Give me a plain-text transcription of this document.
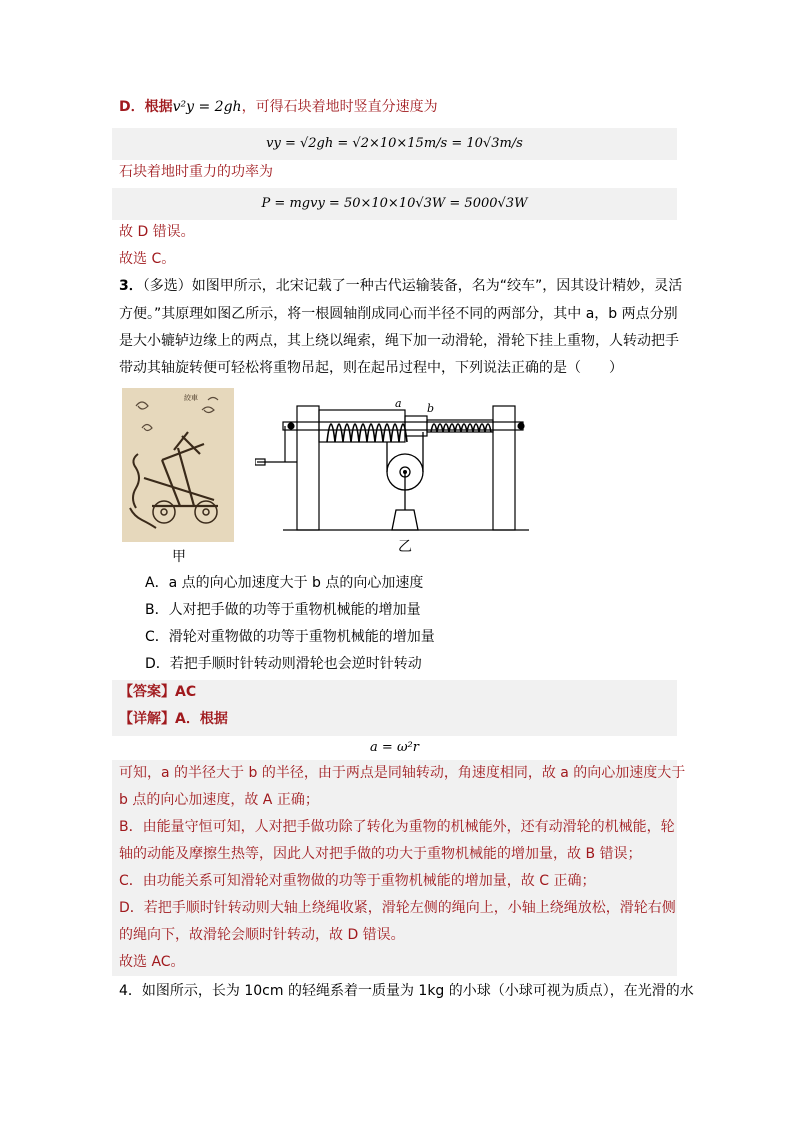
D．根据v²y = 2gh，可得石块着地时竖直分速度为
vy = √2gh = √2×10×15m/s = 10√3m/s
石块着地时重力的功率为
P = mgvy = 50×10×10√3W = 5000√3W
故 D 错误。
故选 C。
3．（多选）如图甲所示，北宋记载了一种古代运输装备，名为“绞车”，因其设计精妙，灵活
方便。”其原理如图乙所示，将一根圆轴削成同心而半径不同的两部分，其中 a，b 两点分别
是大小辘轳边缘上的两点，其上绕以绳索，绳下加一动滑轮，滑轮下挂上重物，人转动把手
带动其轴旋转便可轻松将重物吊起，则在起吊过程中，下列说法正确的是（　　）
絞車
甲
a b
乙
A．a 点的向心加速度大于 b 点的向心加速度
B．人对把手做的功等于重物机械能的增加量
C．滑轮对重物做的功等于重物机械能的增加量
D．若把手顺时针转动则滑轮也会逆时针转动
【答案】AC
【详解】A．根据
a = ω²r
可知，a 的半径大于 b 的半径，由于两点是同轴转动，角速度相同，故 a 的向心加速度大于
b 点的向心加速度，故 A 正确；
B．由能量守恒可知，人对把手做功除了转化为重物的机械能外，还有动滑轮的机械能，轮
轴的动能及摩擦生热等，因此人对把手做的功大于重物机械能的增加量，故 B 错误；
C．由功能关系可知滑轮对重物做的功等于重物机械能的增加量，故 C 正确；
D．若把手顺时针转动则大轴上绕绳收紧，滑轮左侧的绳向上，小轴上绕绳放松，滑轮右侧
的绳向下，故滑轮会顺时针转动，故 D 错误。
故选 AC。
4．如图所示，长为 10cm 的轻绳系着一质量为 1kg 的小球（小球可视为质点），在光滑的水
